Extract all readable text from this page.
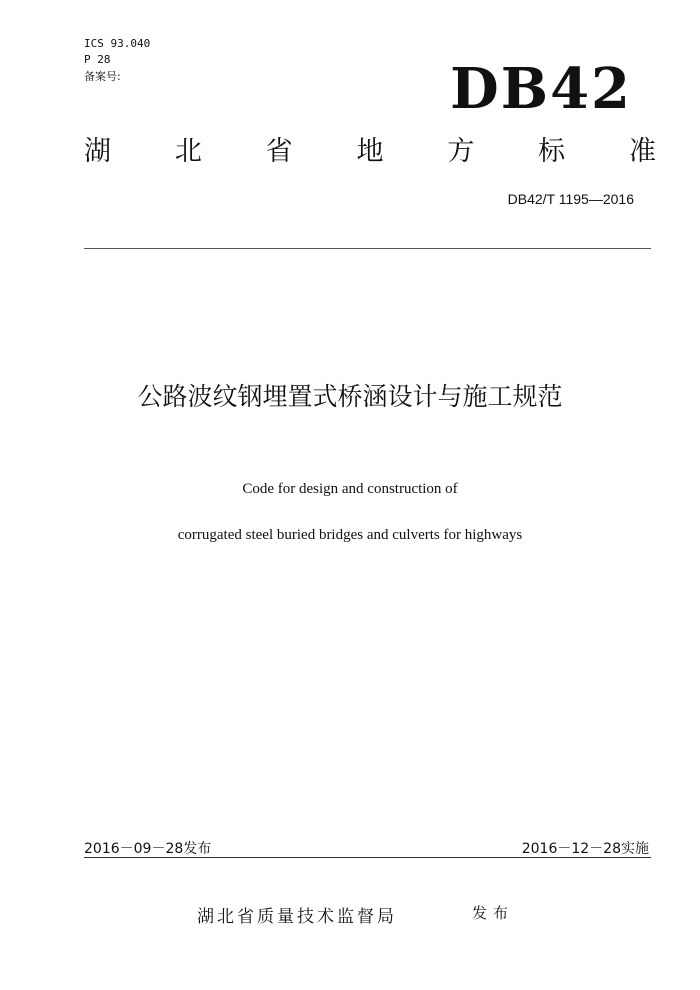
ICS 93.040
P 28
备案号:	DB42
湖 北 省 地 方 标 准
DB42/T 1195—2016
公路波纹钢埋置式桥涵设计与施工规范
Code for design and construction of
corrugated steel buried bridges and culverts for highways
2016－09－28发布	2016－12－28实施
湖北省质量技术监督局	发布
